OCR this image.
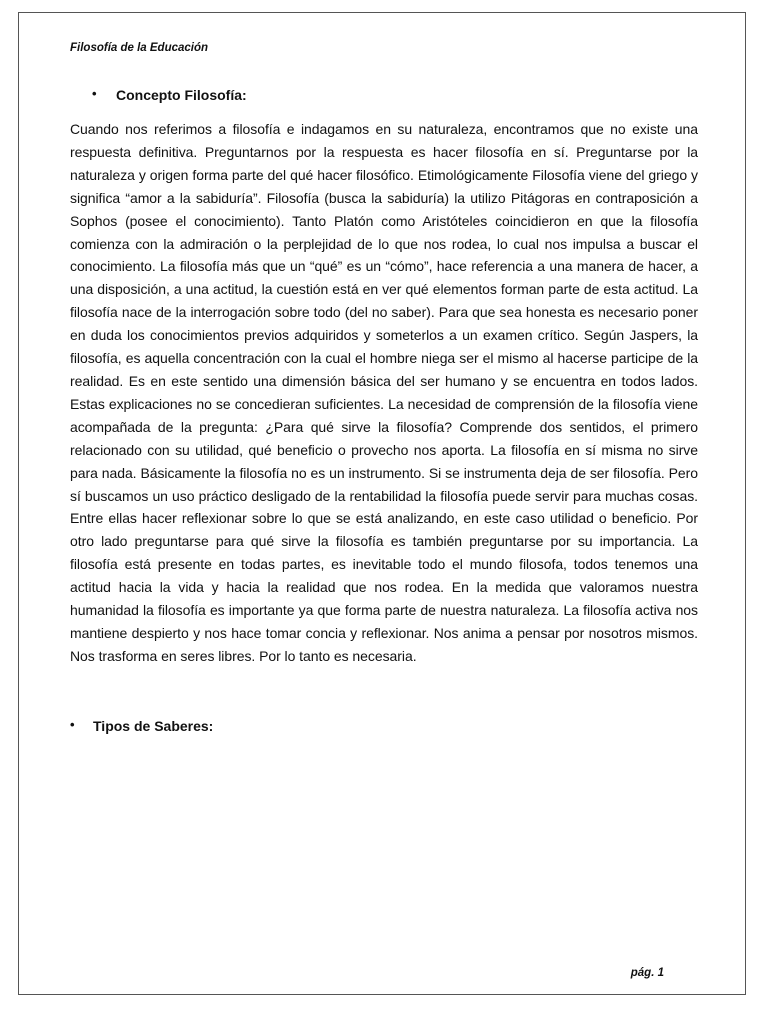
Filosofía de la Educación
• Concepto Filosofía:

Cuando nos referimos a filosofía e indagamos en su naturaleza, encontramos que no existe una respuesta definitiva. Preguntarnos por la respuesta es hacer filosofía en sí. Preguntarse por la naturaleza y origen forma parte del qué hacer filosófico. Etimológicamente Filosofía viene del griego y significa “amor a la sabiduría”. Filosofía (busca la sabiduría) la utilizo Pitágoras en contraposición a Sophos (posee el conocimiento). Tanto Platón como Aristóteles coincidieron en que la filosofía comienza con la admiración o la perplejidad de lo que nos rodea, lo cual nos impulsa a buscar el conocimiento. La filosofía más que un “qué” es un “cómo”, hace referencia a una manera de hacer, a una disposición, a una actitud, la cuestión está en ver qué elementos forman parte de esta actitud. La filosofía nace de la interrogación sobre todo (del no saber). Para que sea honesta es necesario poner en duda los conocimientos previos adquiridos y someterlos a un examen crítico. Según Jaspers, la filosofía, es aquella concentración con la cual el hombre niega ser el mismo al hacerse participe de la realidad. Es en este sentido una dimensión básica del ser humano y se encuentra en todos lados. Estas explicaciones no se concedieran suficientes. La necesidad de comprensión de la filosofía viene acompañada de la pregunta: ¿Para qué sirve la filosofía? Comprende dos sentidos, el primero relacionado con su utilidad, qué beneficio o provecho nos aporta. La filosofía en sí misma no sirve para nada. Básicamente la filosofía no es un instrumento. Si se instrumenta deja de ser filosofía. Pero sí buscamos un uso práctico desligado de la rentabilidad la filosofía puede servir para muchas cosas. Entre ellas hacer reflexionar sobre lo que se está analizando, en este caso utilidad o beneficio. Por otro lado preguntarse para qué sirve la filosofía es también preguntarse por su importancia. La filosofía está presente en todas partes, es inevitable todo el mundo filosofa, todos tenemos una actitud hacia la vida y hacia la realidad que nos rodea. En la medida que valoramos nuestra humanidad la filosofía es importante ya que forma parte de nuestra naturaleza. La filosofía activa nos mantiene despierto y nos hace tomar concia y reflexionar. Nos anima a pensar por nosotros mismos. Nos trasforma en seres libres. Por lo tanto es necesaria.

• Tipos de Saberes:
pág. 1
